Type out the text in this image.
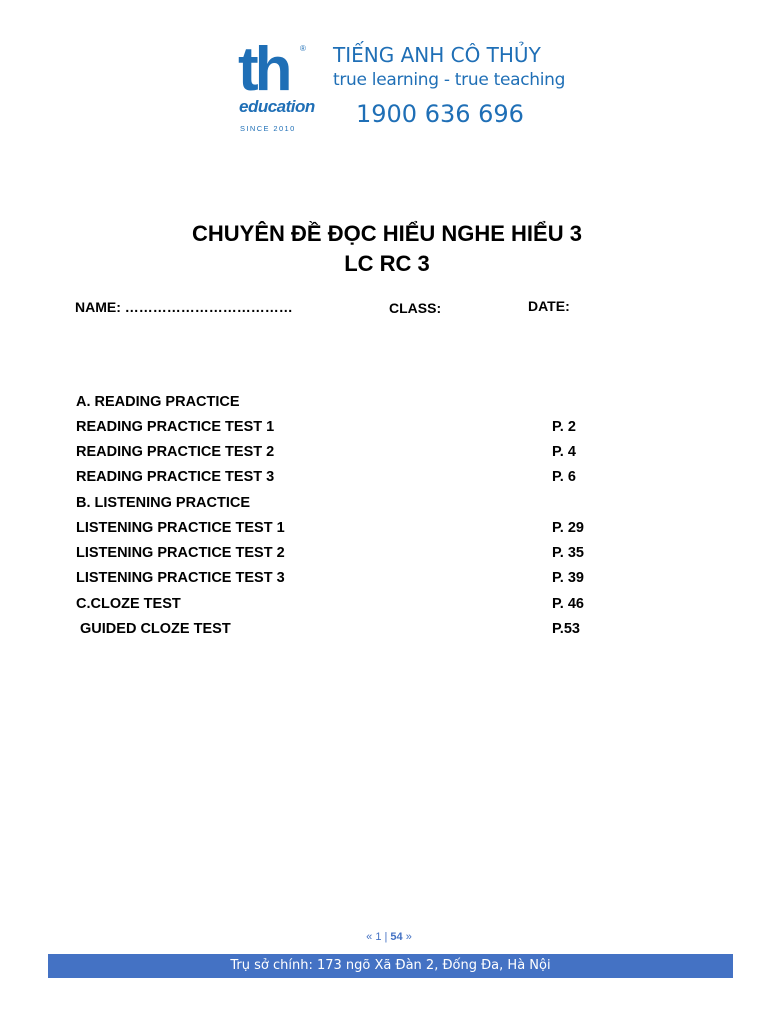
th ®
education
SINCE 2010
TIẾNG ANH CÔ THỦY
true learning - true teaching
1900 636 696
CHUYÊN ĐỀ ĐỌC HIỂU NGHE HIỂU 3
LC RC 3
NAME: ………………………………	CLASS:	DATE:
A. READING PRACTICE
READING PRACTICE TEST 1	P. 2
READING PRACTICE TEST 2	P. 4
READING PRACTICE TEST 3	P. 6
B. LISTENING PRACTICE
LISTENING PRACTICE TEST 1	P. 29
LISTENING PRACTICE TEST 2	P. 35
LISTENING PRACTICE TEST 3	P. 39
C.CLOZE TEST	P. 46
GUIDED CLOZE TEST	P.53
« 1 | 54 »
Trụ sở chính: 173 ngõ Xã Đàn 2, Đống Đa, Hà Nội
